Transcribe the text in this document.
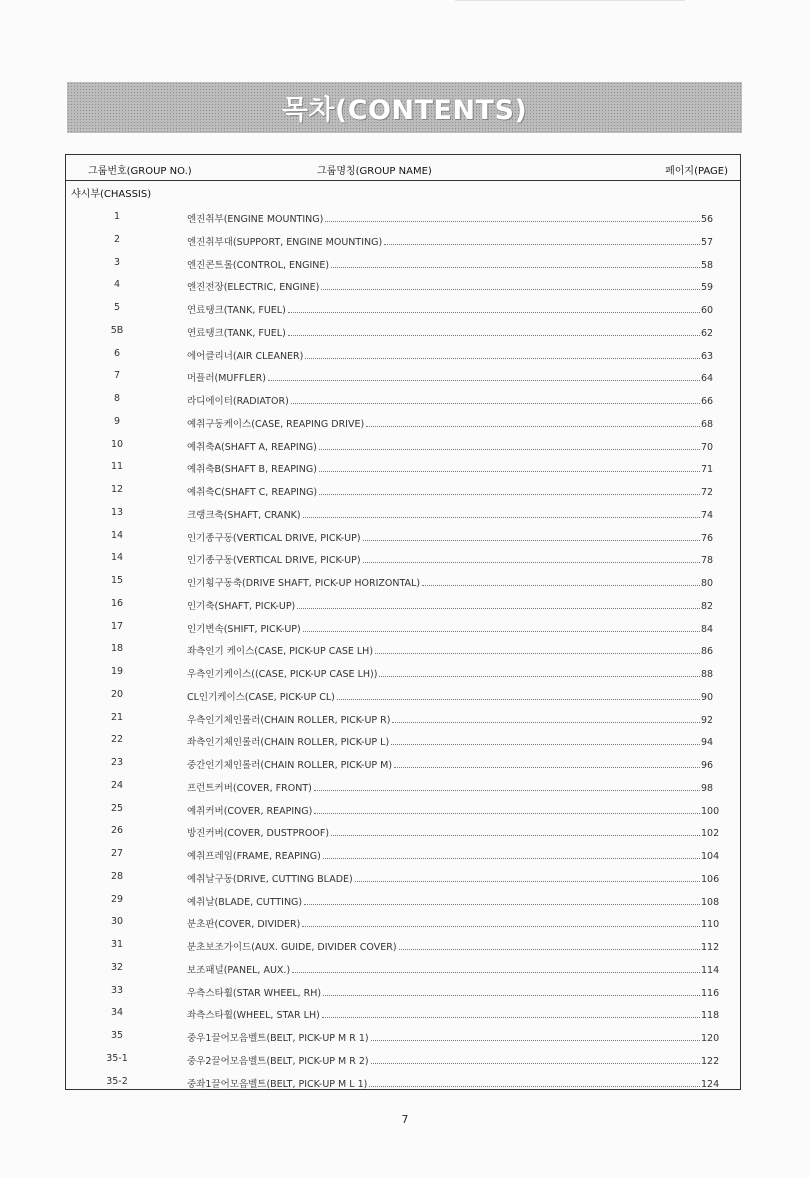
목차(CONTENTS)
그룹번호(GROUP NO.)	그룹명칭(GROUP NAME)	페이지(PAGE)
샤시부(CHASSIS)
1	엔진취부(ENGINE MOUNTING)	56
2	엔진취부대(SUPPORT, ENGINE MOUNTING)	57
3	엔진콘트롤(CONTROL, ENGINE)	58
4	엔진전장(ELECTRIC, ENGINE)	59
5	연료탱크(TANK, FUEL)	60
5B	연료탱크(TANK, FUEL)	62
6	에어클리너(AIR CLEANER)	63
7	머플러(MUFFLER)	64
8	라디에이터(RADIATOR)	66
9	예취구동케이스(CASE, REAPING DRIVE)	68
10	예취축A(SHAFT A, REAPING)	70
11	예취축B(SHAFT B, REAPING)	71
12	예취축C(SHAFT C, REAPING)	72
13	크랭크축(SHAFT, CRANK)	74
14	인기종구동(VERTICAL DRIVE, PICK-UP)	76
14	인기종구동(VERTICAL DRIVE, PICK-UP)	78
15	인기횡구동축(DRIVE SHAFT, PICK-UP HORIZONTAL)	80
16	인기축(SHAFT, PICK-UP)	82
17	인기변속(SHIFT, PICK-UP)	84
18	좌측인기 케이스(CASE, PICK-UP CASE LH)	86
19	우측인기케이스((CASE, PICK-UP CASE LH))	88
20	CL인기케이스(CASE, PICK-UP CL)	90
21	우측인기체인롤러(CHAIN ROLLER, PICK-UP R)	92
22	좌측인기체인롤러(CHAIN ROLLER, PICK-UP L)	94
23	중간인기체인롤러(CHAIN ROLLER, PICK-UP M)	96
24	프런트커버(COVER, FRONT)	98
25	예취커버(COVER, REAPING)	100
26	방진커버(COVER, DUSTPROOF)	102
27	예취프레임(FRAME, REAPING)	104
28	예취날구동(DRIVE, CUTTING BLADE)	106
29	예취날(BLADE, CUTTING)	108
30	분초판(COVER, DIVIDER)	110
31	분초보조가이드(AUX. GUIDE, DIVIDER COVER)	112
32	보조패널(PANEL, AUX.)	114
33	우측스타휠(STAR WHEEL, RH)	116
34	좌측스타휠(WHEEL, STAR LH)	118
35	중우1끌어모음벨트(BELT, PICK-UP M R 1)	120
35-1	중우2끌어모음벨트(BELT, PICK-UP M R 2)	122
35-2	중좌1끌어모음벨트(BELT, PICK-UP M L 1)	124
7
